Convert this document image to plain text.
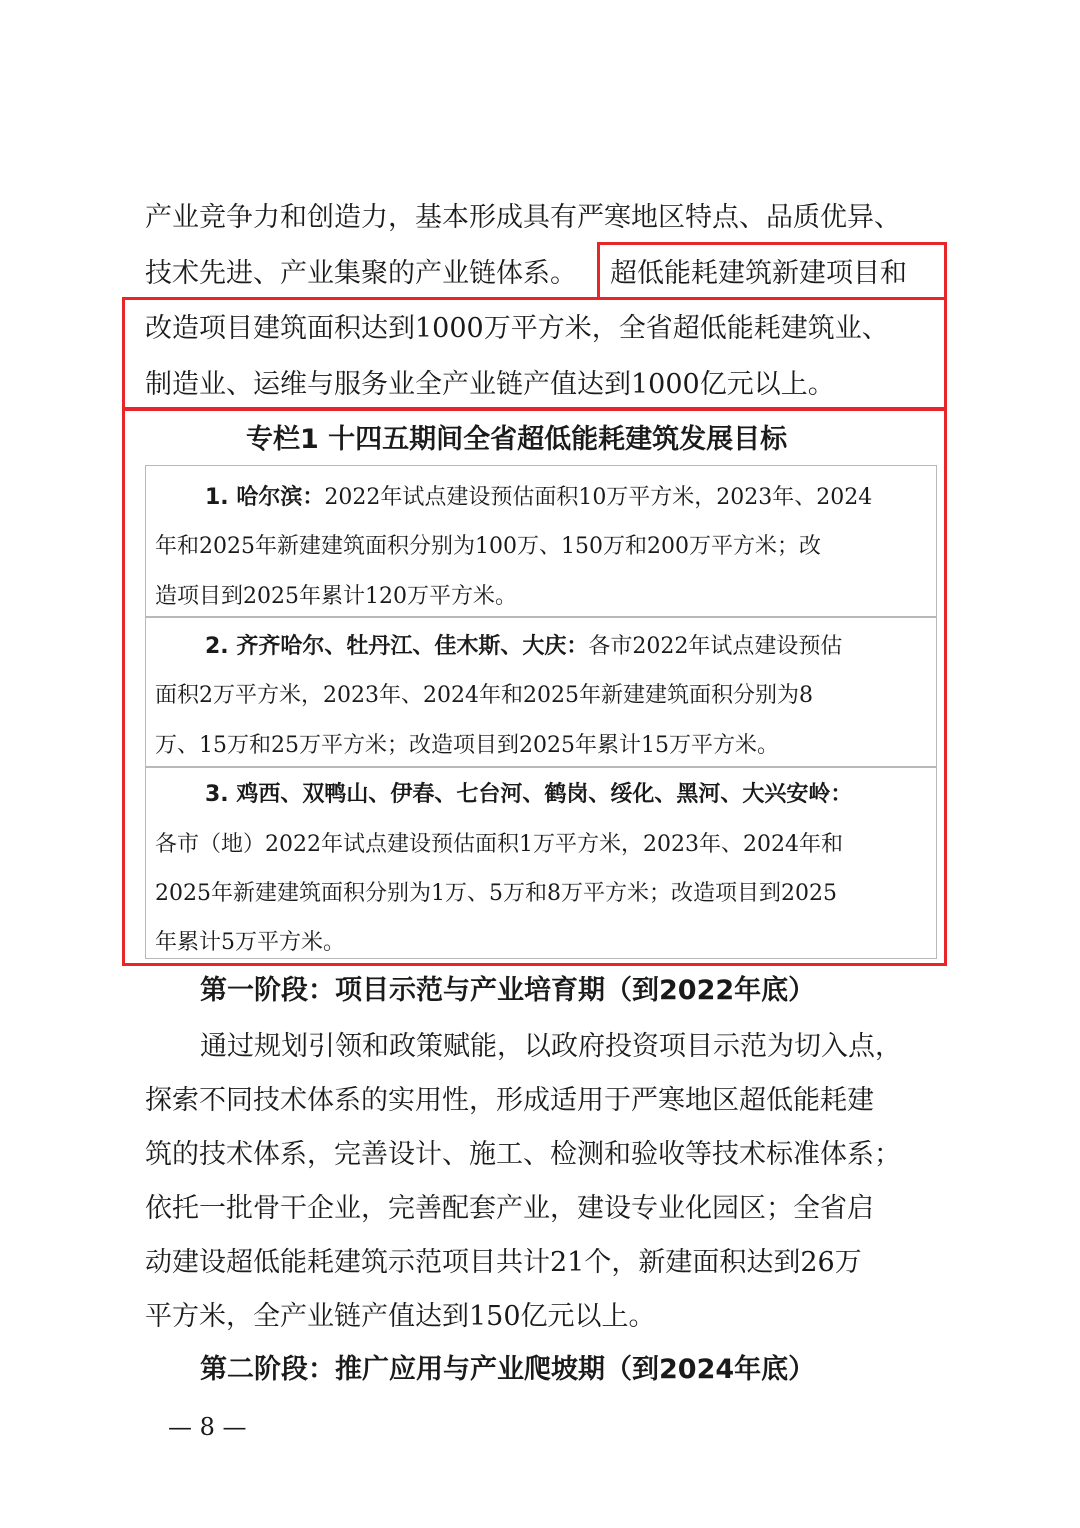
产业竞争力和创造力，基本形成具有严寒地区特点、品质优异、
技术先进、产业集聚的产业链体系。 超低能耗建筑新建项目和
改造项目建筑面积达到1000万平方米，全省超低能耗建筑业、
制造业、运维与服务业全产业链产值达到1000亿元以上。
专栏1 十四五期间全省超低能耗建筑发展目标
1. 哈尔滨：2022年试点建设预估面积10万平方米，2023年、2024
年和2025年新建建筑面积分别为100万、150万和200万平方米；改
造项目到2025年累计120万平方米。
2. 齐齐哈尔、牡丹江、佳木斯、大庆：各市2022年试点建设预估
面积2万平方米，2023年、2024年和2025年新建建筑面积分别为8
万、15万和25万平方米；改造项目到2025年累计15万平方米。
3. 鸡西、双鸭山、伊春、七台河、鹤岗、绥化、黑河、大兴安岭：
各市（地）2022年试点建设预估面积1万平方米，2023年、2024年和
2025年新建建筑面积分别为1万、5万和8万平方米；改造项目到2025
年累计5万平方米。
第一阶段：项目示范与产业培育期（到2022年底）
通过规划引领和政策赋能，以政府投资项目示范为切入点，
探索不同技术体系的实用性，形成适用于严寒地区超低能耗建
筑的技术体系，完善设计、施工、检测和验收等技术标准体系；
依托一批骨干企业，完善配套产业，建设专业化园区；全省启
动建设超低能耗建筑示范项目共计21个，新建面积达到26万
平方米，全产业链产值达到150亿元以上。
第二阶段：推广应用与产业爬坡期（到2024年底）
— 8 —
